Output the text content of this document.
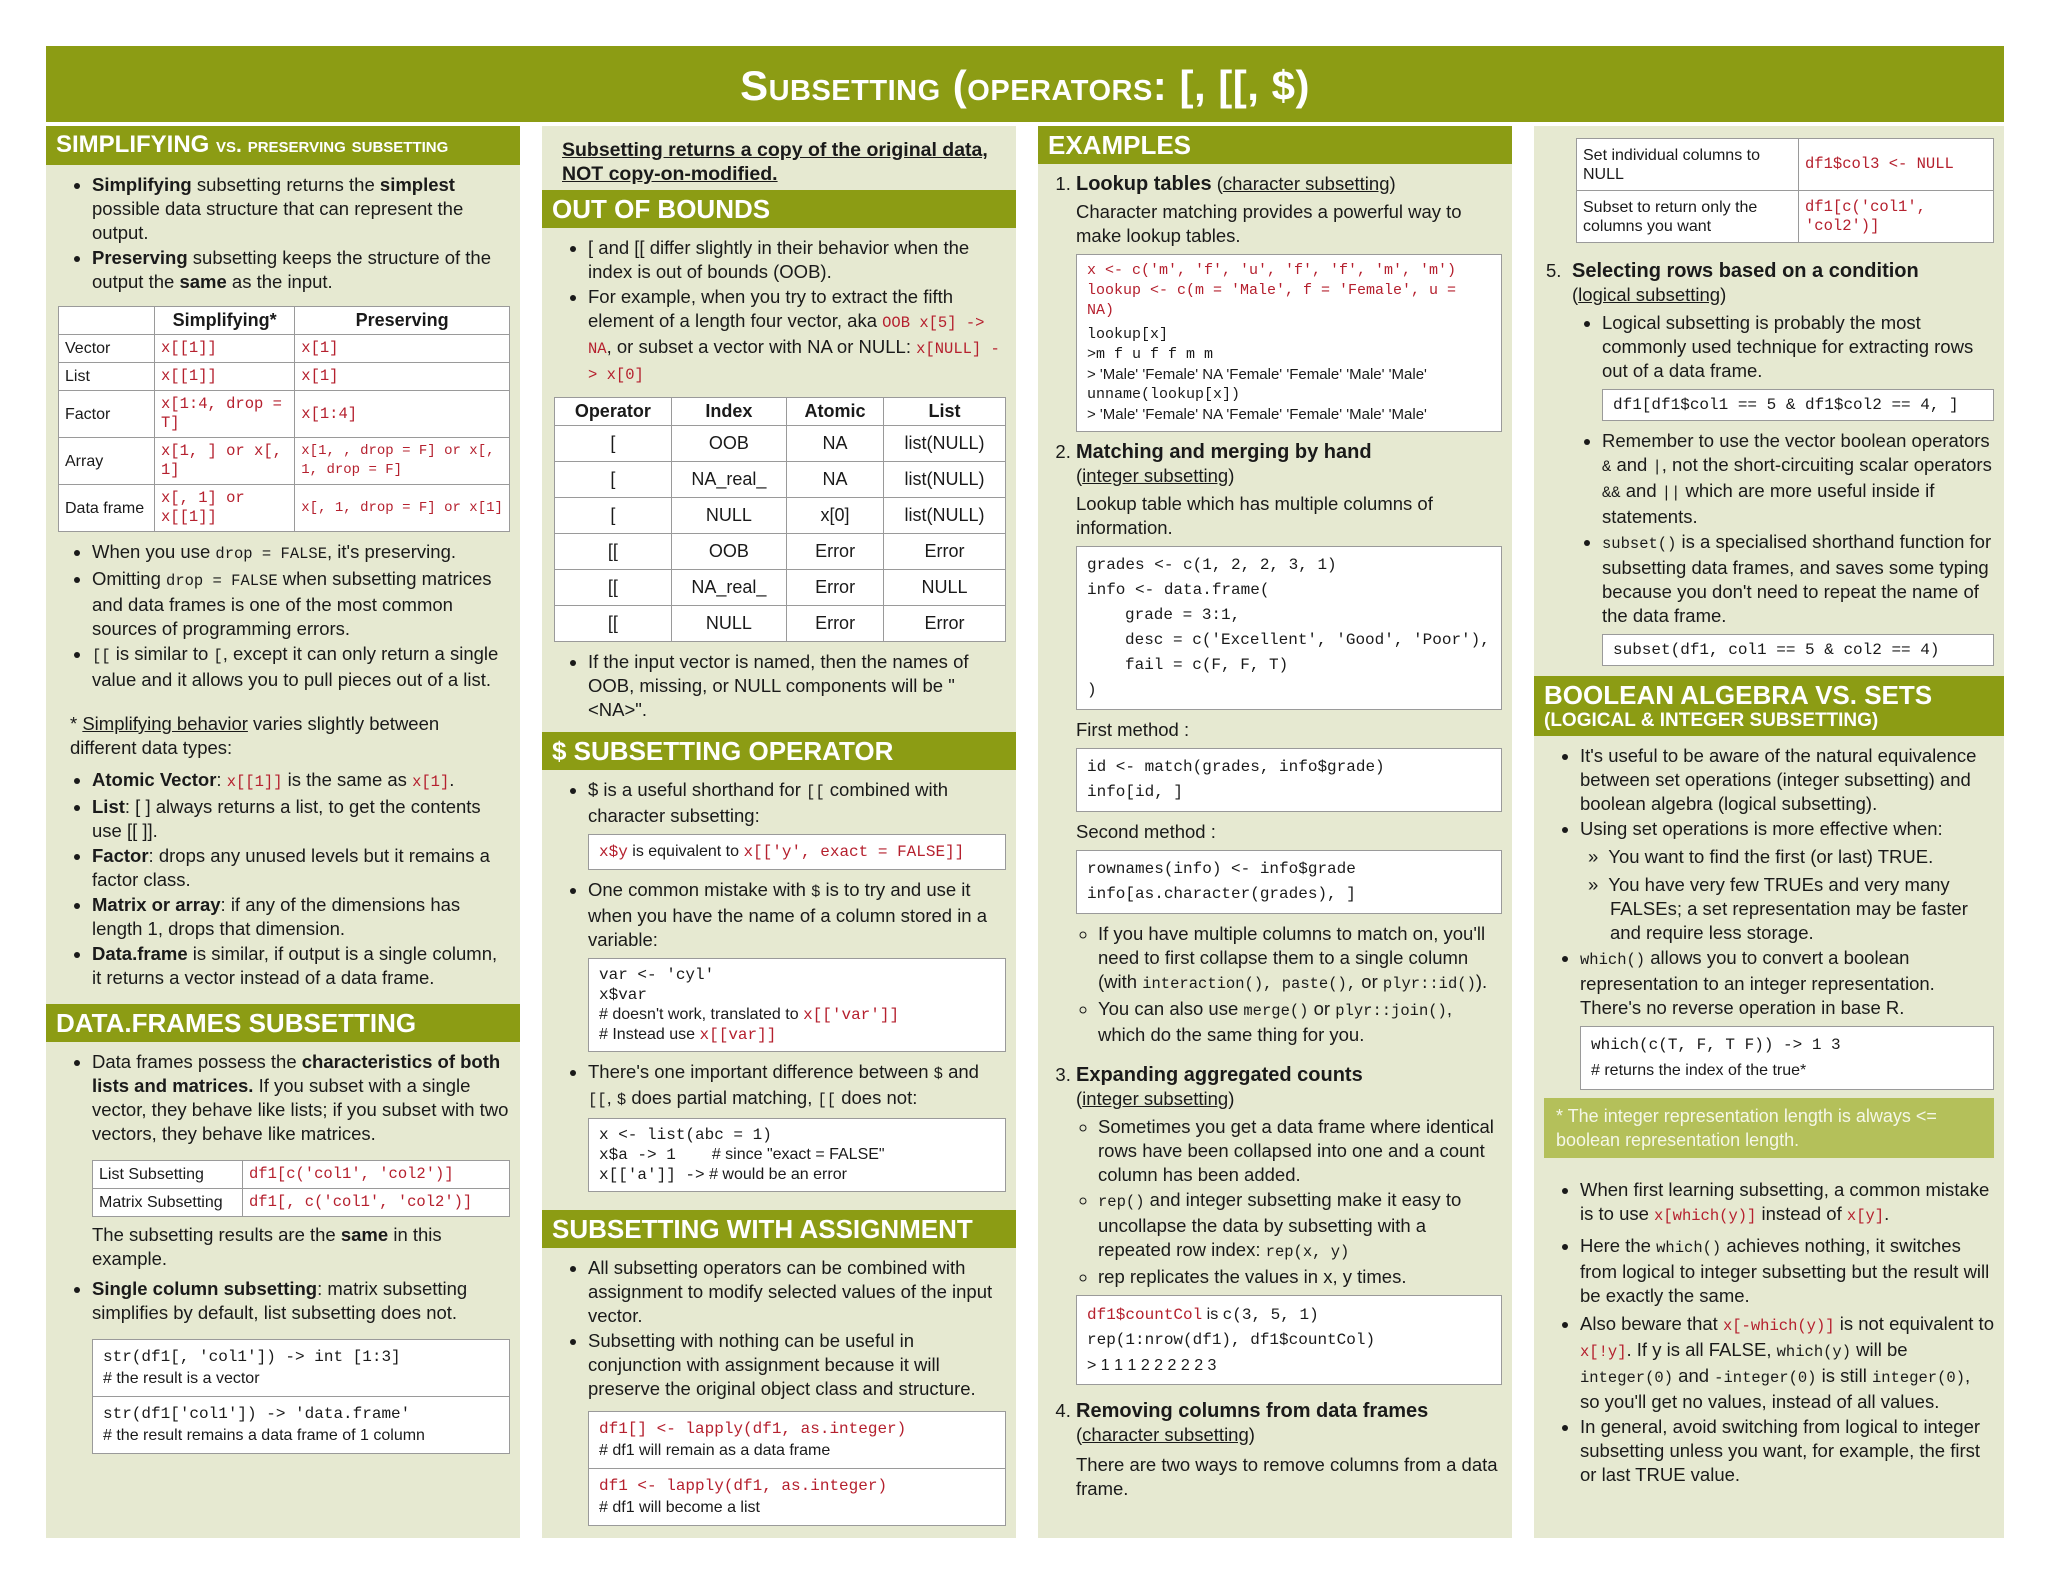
Subsetting (operators: [, [[, $)
SIMPLIFYING vs. preserving subsetting
• Simplifying subsetting returns the simplest possible data structure that can represent the output.
• Preserving subsetting keeps the structure of the output the same as the input.
	Simplifying*	Preserving
Vector	x[[1]]	x[1]
List	x[[1]]	x[1]
Factor	x[1:4, drop = T]	x[1:4]
Array	x[1, ] or x[, 1]	x[1, , drop = F] or x[, 1, drop = F]
Data frame	x[, 1] or x[[1]]	x[, 1, drop = F] or x[1]
• When you use drop = FALSE, it's preserving.
• Omitting drop = FALSE when subsetting matrices and data frames is one of the most common sources of programming errors.
• [[ is similar to [, except it can only return a single value and it allows you to pull pieces out of a list.
* Simplifying behavior varies slightly between different data types:
• Atomic Vector: x[[1]] is the same as x[1].
• List: [ ] always returns a list, to get the contents use [[ ]].
• Factor: drops any unused levels but it remains a factor class.
• Matrix or array: if any of the dimensions has length 1, drops that dimension.
• Data.frame is similar, if output is a single column, it returns a vector instead of a data frame.
DATA.FRAMES SUBSETTING
• Data frames possess the characteristics of both lists and matrices. If you subset with a single vector, they behave like lists; if you subset with two vectors, they behave like matrices.
List Subsetting	df1[c('col1', 'col2')]
Matrix Subsetting	df1[, c('col1', 'col2')]
The subsetting results are the same in this example.
• Single column subsetting: matrix subsetting simplifies by default, list subsetting does not.
str(df1[, 'col1']) -> int [1:3]
# the result is a vector
str(df1['col1']) -> 'data.frame'
# the result remains a data frame of 1 column
Subsetting returns a copy of the original data, NOT copy-on-modified.
OUT OF BOUNDS
• [ and [[ differ slightly in their behavior when the index is out of bounds (OOB).
• For example, when you try to extract the fifth element of a length four vector, aka OOB x[5] -> NA, or subset a vector with NA or NULL: x[NULL] -> x[0]
Operator	Index	Atomic	List
[	OOB	NA	list(NULL)
[	NA_real_	NA	list(NULL)
[	NULL	x[0]	list(NULL)
[[	OOB	Error	Error
[[	NA_real_	Error	NULL
[[	NULL	Error	Error
• If the input vector is named, then the names of OOB, missing, or NULL components will be "<NA>".
$ SUBSETTING OPERATOR
• $ is a useful shorthand for [[ combined with character subsetting:
x$y is equivalent to x[['y', exact = FALSE]]
• One common mistake with $ is to try and use it when you have the name of a column stored in a variable:
var <- 'cyl'
x$var
# doesn't work, translated to x[['var']]
# Instead use x[[var]]
• There's one important difference between $ and [[, $ does partial matching, [[ does not:
x <- list(abc = 1)
x$a -> 1 # since "exact = FALSE"
x[['a']] -> # would be an error
SUBSETTING WITH ASSIGNMENT
• All subsetting operators can be combined with assignment to modify selected values of the input vector.
• Subsetting with nothing can be useful in conjunction with assignment because it will preserve the original object class and structure.
df1[] <- lapply(df1, as.integer)
# df1 will remain as a data frame
df1 <- lapply(df1, as.integer)
# df1 will become a list
EXAMPLES
1. Lookup tables (character subsetting)
Character matching provides a powerful way to make lookup tables.
x <- c('m', 'f', 'u', 'f', 'f', 'm', 'm')
lookup <- c(m = 'Male', f = 'Female', u = NA)
lookup[x]
>m f u f f m m
> 'Male' 'Female' NA 'Female' 'Female' 'Male' 'Male'
unname(lookup[x])
> 'Male' 'Female' NA 'Female' 'Female' 'Male' 'Male'
2. Matching and merging by hand
(integer subsetting)
Lookup table which has multiple columns of information.
grades <- c(1, 2, 2, 3, 1)
info <- data.frame(
grade = 3:1,
desc = c('Excellent', 'Good', 'Poor'),
fail = c(F, F, T)
)
First method :
id <- match(grades, info$grade)
info[id, ]
Second method :
rownames(info) <- info$grade
info[as.character(grades), ]
◦ If you have multiple columns to match on, you'll need to first collapse them to a single column (with interaction(), paste(), or plyr::id()).
◦ You can also use merge() or plyr::join(), which do the same thing for you.
3. Expanding aggregated counts
(integer subsetting)
◦ Sometimes you get a data frame where identical rows have been collapsed into one and a count column has been added.
◦ rep() and integer subsetting make it easy to uncollapse the data by subsetting with a repeated row index: rep(x, y)
◦ rep replicates the values in x, y times.
df1$countCol is c(3, 5, 1)
rep(1:nrow(df1), df1$countCol)
> 1 1 1 2 2 2 2 2 3
4. Removing columns from data frames
(character subsetting)
There are two ways to remove columns from a data frame.
Set individual columns to NULL	df1$col3 <- NULL
Subset to return only the columns you want	df1[c('col1', 'col2')]
5. Selecting rows based on a condition
(logical subsetting)
• Logical subsetting is probably the most commonly used technique for extracting rows out of a data frame.
df1[df1$col1 == 5 & df1$col2 == 4, ]
• Remember to use the vector boolean operators & and |, not the short-circuiting scalar operators && and || which are more useful inside if statements.
• subset() is a specialised shorthand function for subsetting data frames, and saves some typing because you don't need to repeat the name of the data frame.
subset(df1, col1 == 5 & col2 == 4)
BOOLEAN ALGEBRA VS. SETS
(LOGICAL & INTEGER SUBSETTING)
• It's useful to be aware of the natural equivalence between set operations (integer subsetting) and boolean algebra (logical subsetting).
• Using set operations is more effective when:
» You want to find the first (or last) TRUE.
» You have very few TRUEs and very many FALSEs; a set representation may be faster and require less storage.
• which() allows you to convert a boolean representation to an integer representation. There's no reverse operation in base R.
which(c(T, F, T F)) -> 1 3
# returns the index of the true*
* The integer representation length is always <= boolean representation length.
• When first learning subsetting, a common mistake is to use x[which(y)] instead of x[y].
• Here the which() achieves nothing, it switches from logical to integer subsetting but the result will be exactly the same.
• Also beware that x[-which(y)] is not equivalent to x[!y]. If y is all FALSE, which(y) will be integer(0) and -integer(0) is still integer(0), so you'll get no values, instead of all values.
• In general, avoid switching from logical to integer subsetting unless you want, for example, the first or last TRUE value.
